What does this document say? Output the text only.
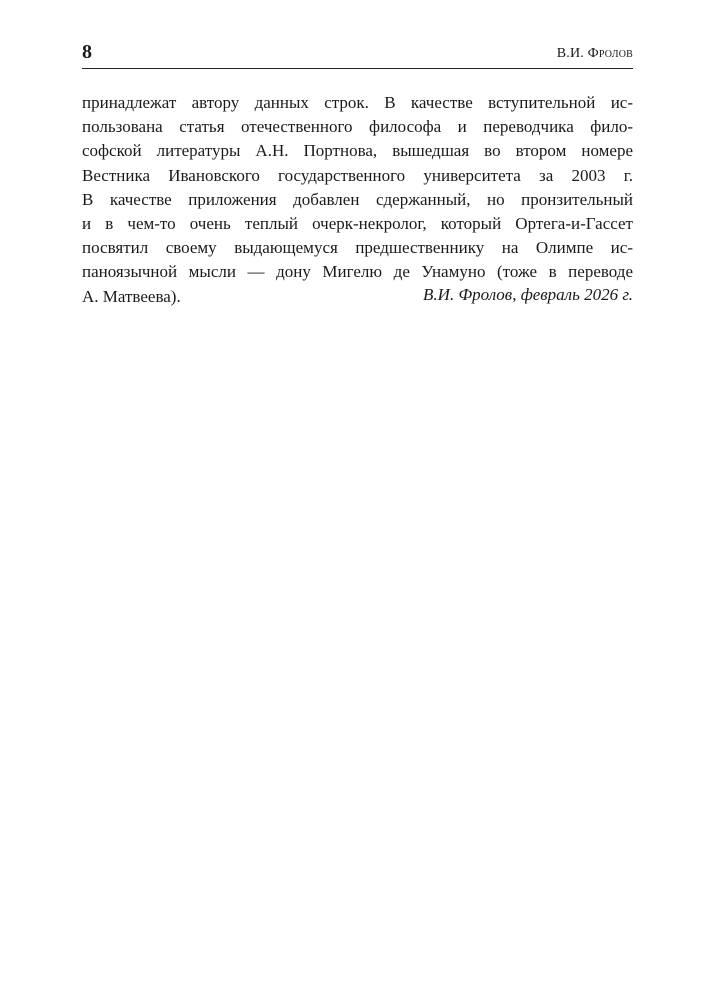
8	В.И. Фролов
принадлежат автору данных строк. В качестве вступительной ис-
пользована статья отечественного философа и переводчика фило-
софской литературы А.Н. Портнова, вышедшая во втором номере
Вестника Ивановского государственного университета за 2003 г.
В качестве приложения добавлен сдержанный, но пронзительный
и в чем-то очень теплый очерк-некролог, который Ортега-и-Гассет
посвятил своему выдающемуся предшественнику на Олимпе ис-
паноязычной мысли — дону Мигелю де Унамуно (тоже в переводе
А. Матвеева).	В.И. Фролов, февраль 2026 г.
